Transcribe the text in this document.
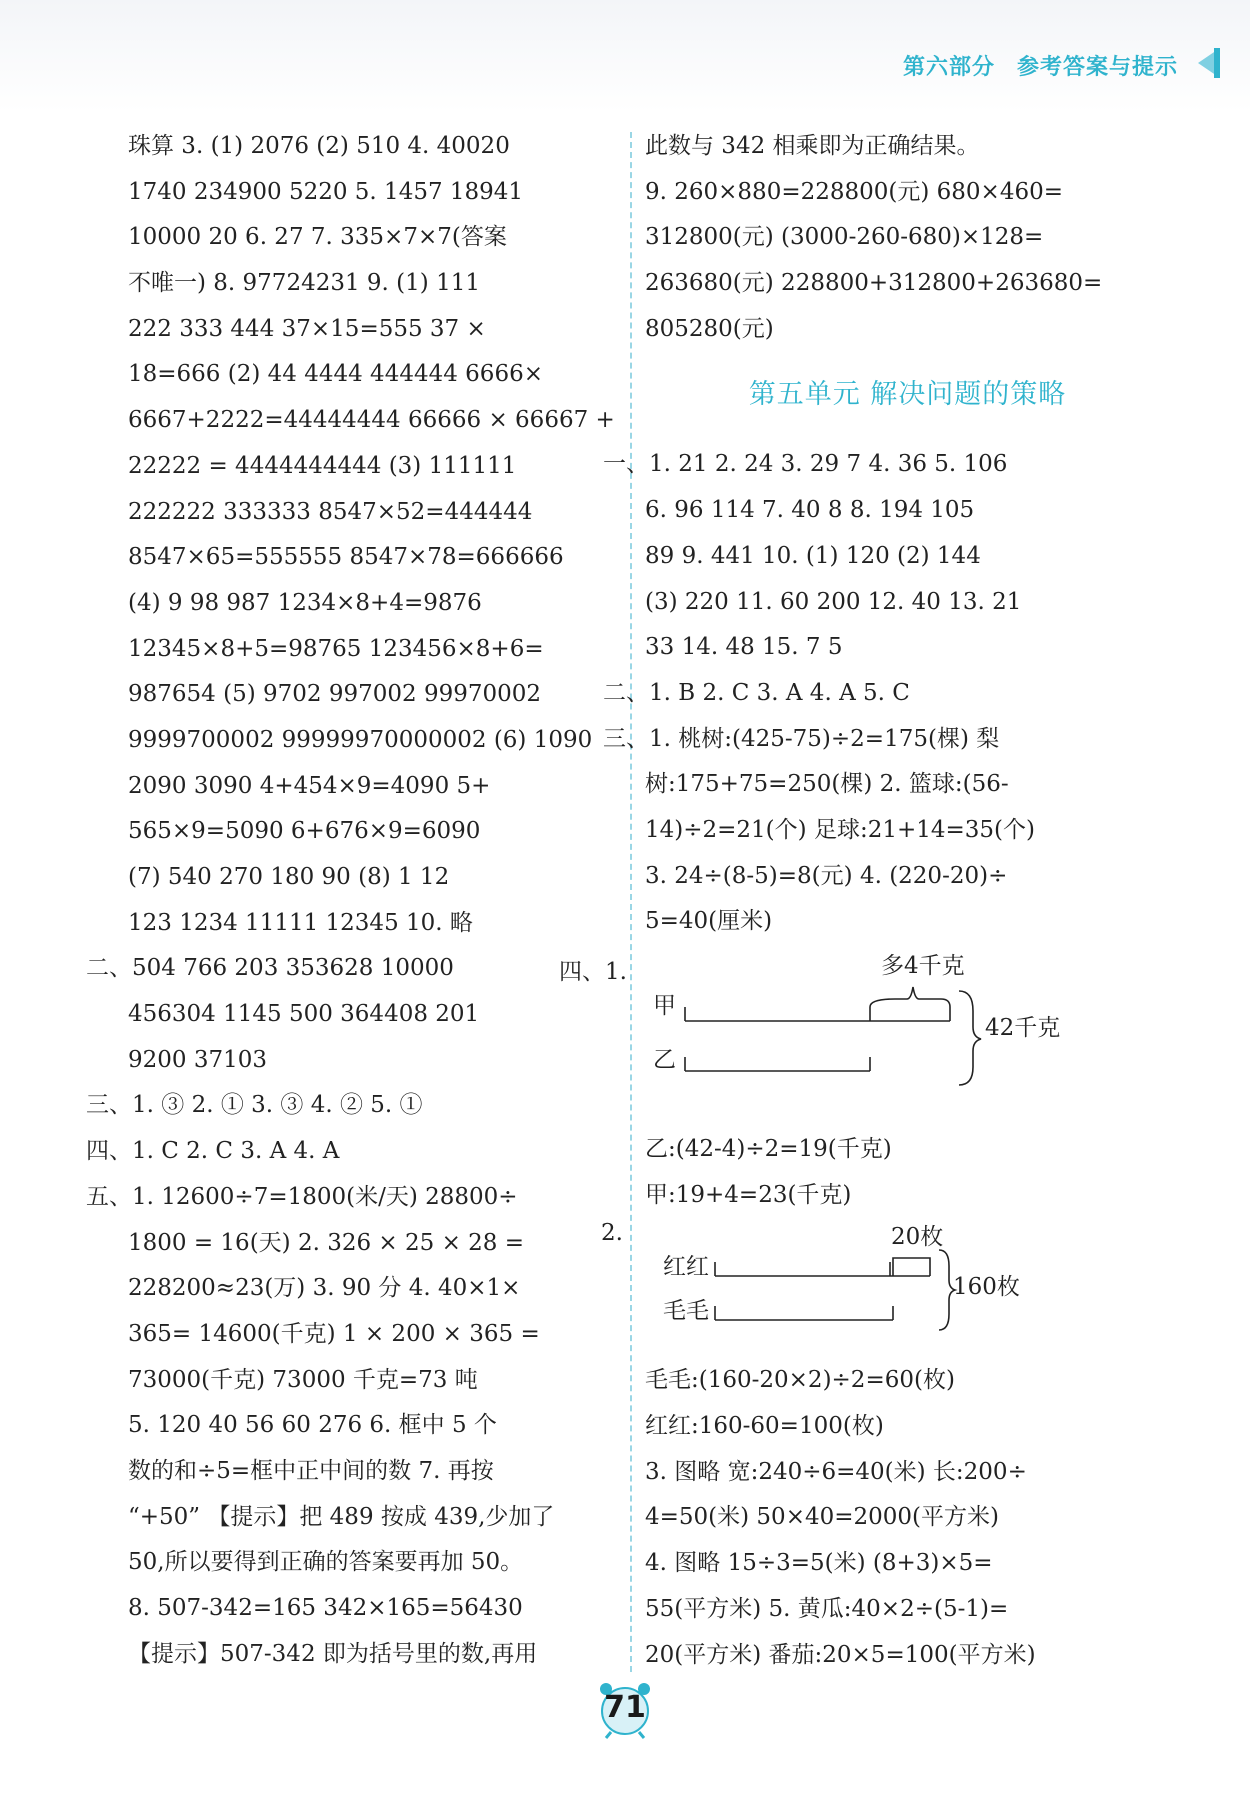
第六部分 参考答案与提示
珠算 3. (1) 2076 (2) 510 4. 40020
1740 234900 5220 5. 1457 18941
10000 20 6. 27 7. 335×7×7(答案
不唯一) 8. 97724231 9. (1) 111
222 333 444 37×15=555 37 ×
18=666 (2) 44 4444 444444 6666×
6667+2222=44444444 66666 × 66667 +
22222 = 4444444444 (3) 111111
222222 333333 8547×52=444444
8547×65=555555 8547×78=666666
(4) 9 98 987 1234×8+4=9876
12345×8+5=98765 123456×8+6=
987654 (5) 9702 997002 99970002
9999700002 99999970000002 (6) 1090
2090 3090 4+454×9=4090 5+
565×9=5090 6+676×9=6090
(7) 540 270 180 90 (8) 1 12
123 1234 11111 12345 10. 略
二、504 766 203 353628 10000
456304 1145 500 364408 201
9200 37103
三、1. ③ 2. ① 3. ③ 4. ② 5. ①
四、1. C 2. C 3. A 4. A
五、1. 12600÷7=1800(米/天) 28800÷
1800 = 16(天) 2. 326 × 25 × 28 =
228200≈23(万) 3. 90 分 4. 40×1×
365= 14600(千克) 1 × 200 × 365 =
73000(千克) 73000 千克=73 吨
5. 120 40 56 60 276 6. 框中 5 个
数的和÷5=框中正中间的数 7. 再按
“+50” 【提示】把 489 按成 439,少加了
50,所以要得到正确的答案要再加 50。
8. 507-342=165 342×165=56430
【提示】507-342 即为括号里的数,再用
此数与 342 相乘即为正确结果。
9. 260×880=228800(元) 680×460=
312800(元) (3000-260-680)×128=
263680(元) 228800+312800+263680=
805280(元)
第五单元 解决问题的策略
一、1. 21 2. 24 3. 29 7 4. 36 5. 106
6. 96 114 7. 40 8 8. 194 105
89 9. 441 10. (1) 120 (2) 144
(3) 220 11. 60 200 12. 40 13. 21
33 14. 48 15. 7 5
二、1. B 2. C 3. A 4. A 5. C
三、1. 桃树:(425-75)÷2=175(棵) 梨
树:175+75=250(棵) 2. 篮球:(56-
14)÷2=21(个) 足球:21+14=35(个)
3. 24÷(8-5)=8(元) 4. (220-20)÷
5=40(厘米)
四、1.	多4千克
甲
乙
42千克
乙:(42-4)÷2=19(千克)
甲:19+4=23(千克)
2.	20枚
红红
毛毛
160枚
毛毛:(160-20×2)÷2=60(枚)
红红:160-60=100(枚)
3. 图略 宽:240÷6=40(米) 长:200÷
4=50(米) 50×40=2000(平方米)
4. 图略 15÷3=5(米) (8+3)×5=
55(平方米) 5. 黄瓜:40×2÷(5-1)=
20(平方米) 番茄:20×5=100(平方米)
71
